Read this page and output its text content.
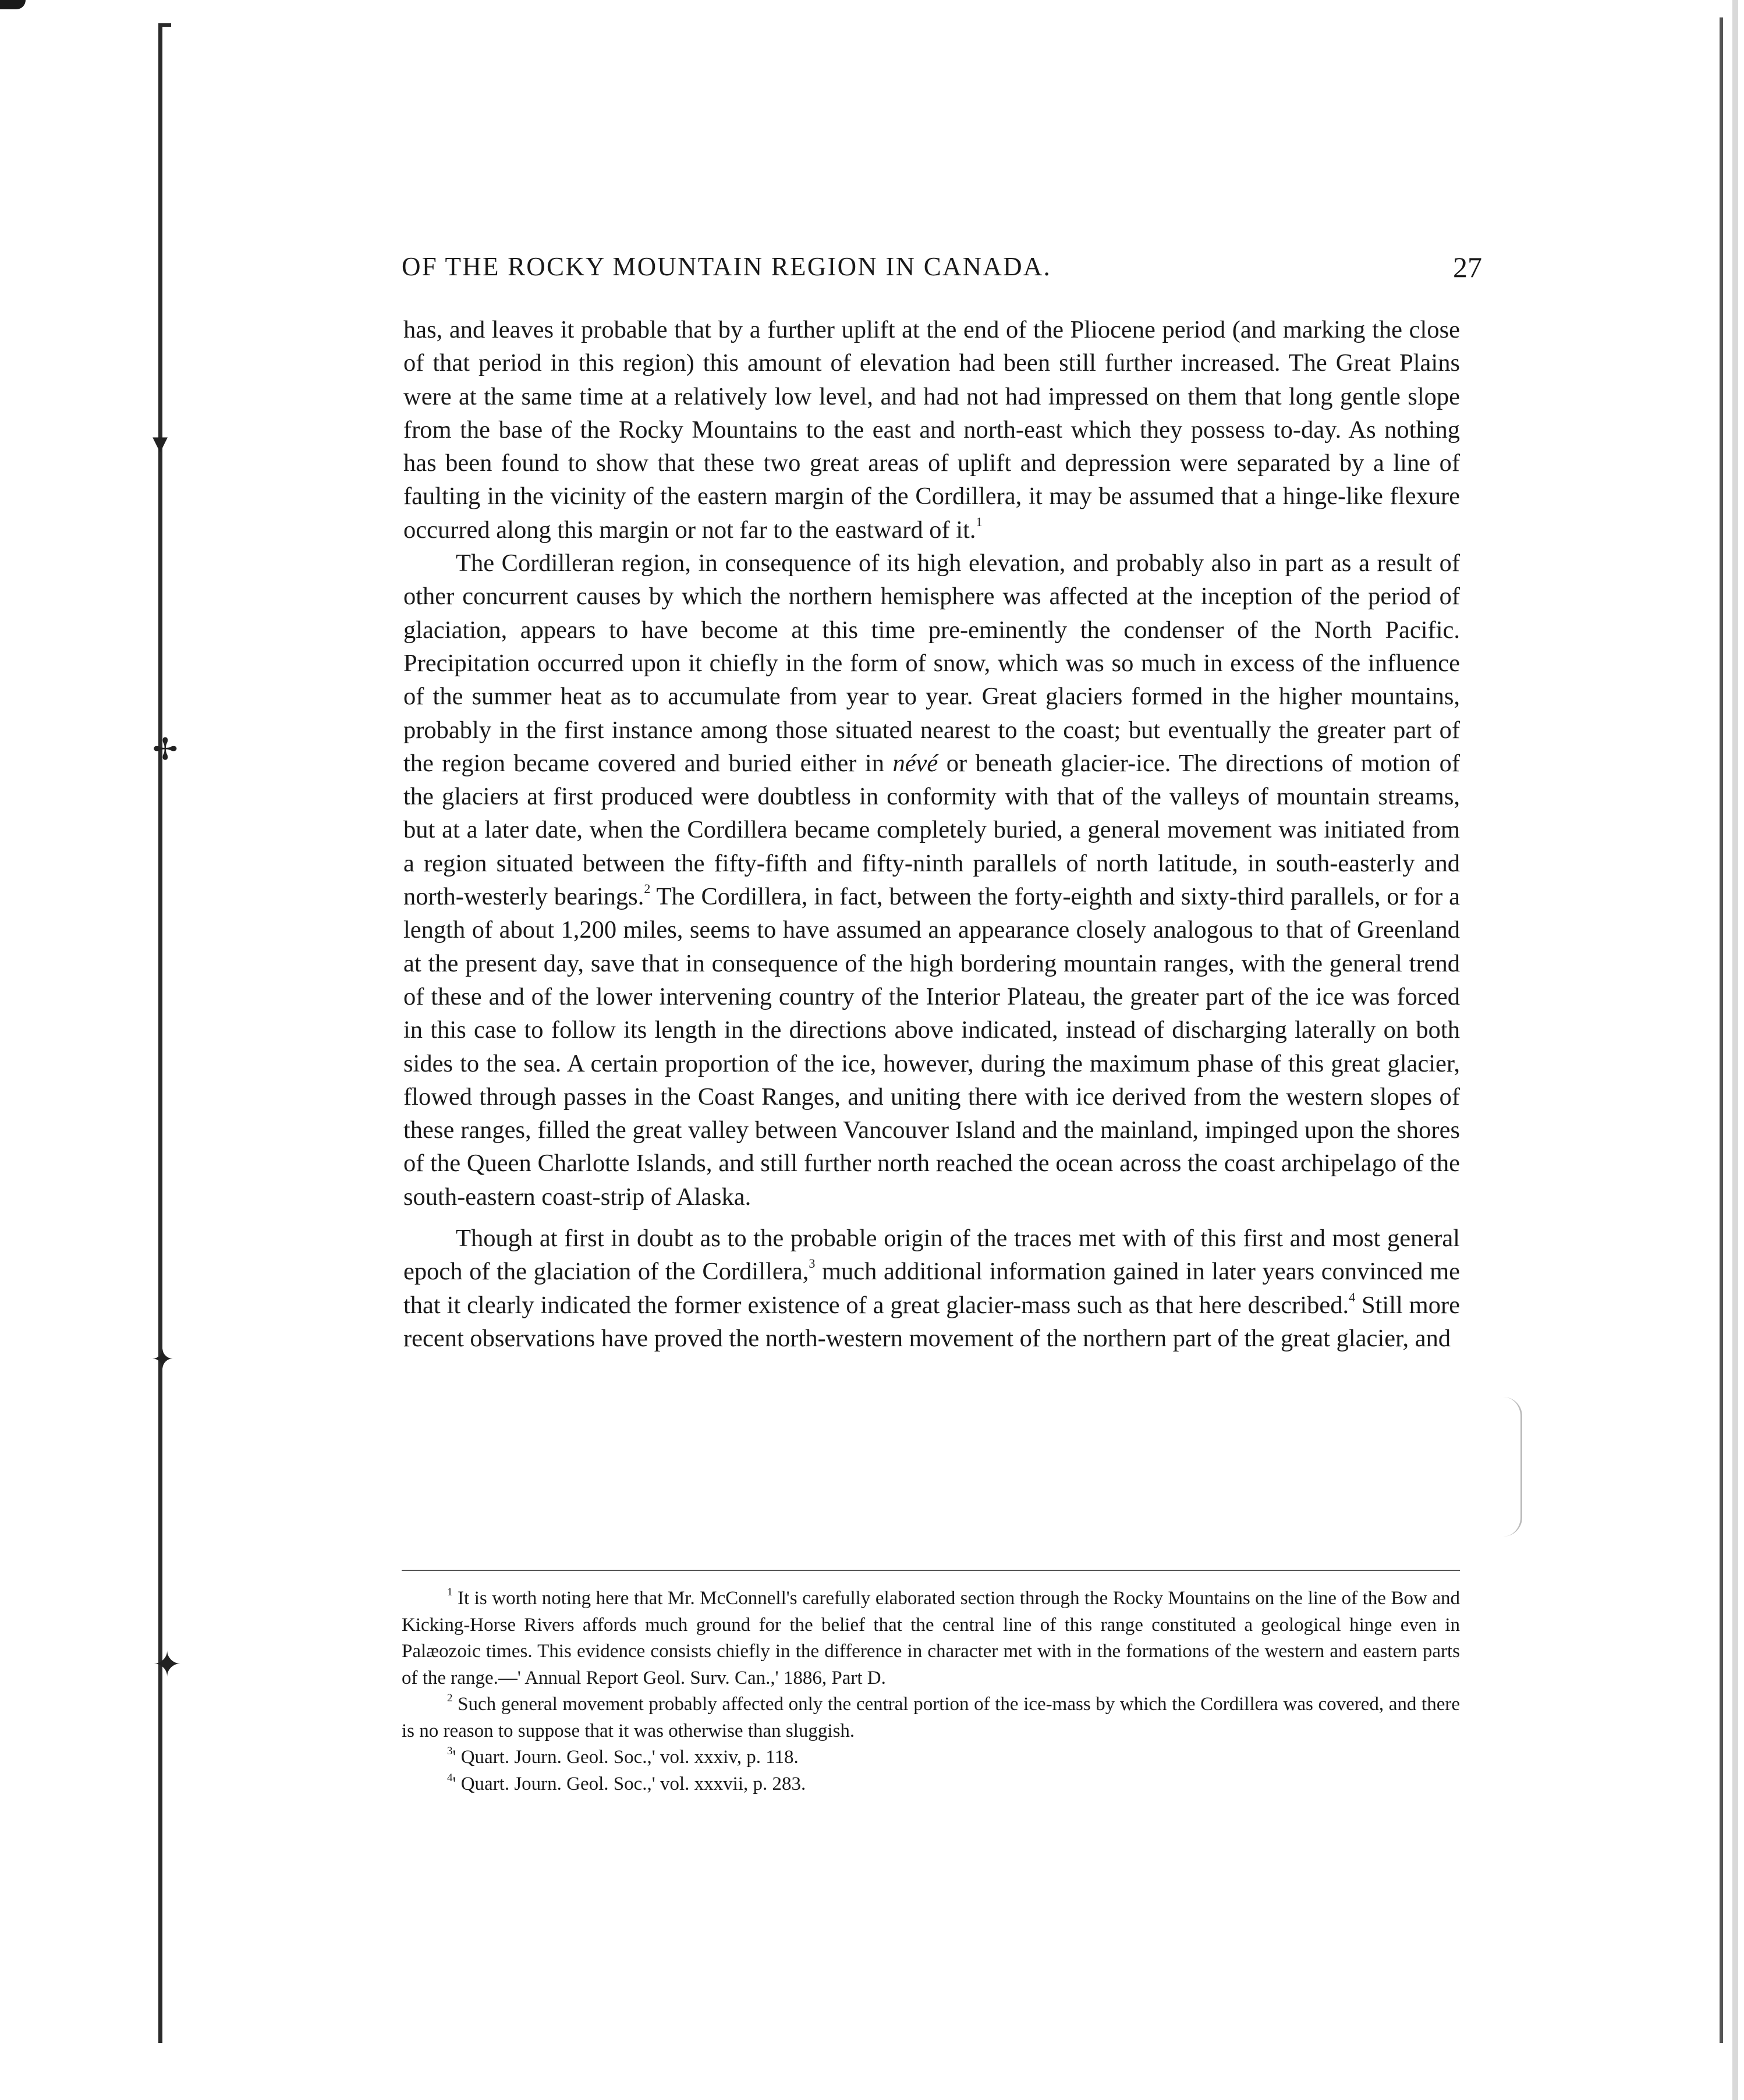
▾
✢
✦
✦
OF THE ROCKY MOUNTAIN REGION IN CANADA.	27

has, and leaves it probable that by a further uplift at the end of the Pliocene period (and marking the close of that period in this region) this amount of elevation had been still further increased. The Great Plains were at the same time at a relatively low level, and had not had impressed on them that long gentle slope from the base of the Rocky Mountains to the east and north-east which they possess to-day. As nothing has been found to show that these two great areas of uplift and depression were separated by a line of faulting in the vicinity of the eastern margin of the Cordillera, it may be assumed that a hinge-like flexure occurred along this margin or not far to the eastward of it.$^1$

The Cordilleran region, in consequence of its high elevation, and probably also in part as a result of other concurrent causes by which the northern hemisphere was affected at the inception of the period of glaciation, appears to have become at this time pre-eminently the condenser of the North Pacific. Precipitation occurred upon it chiefly in the form of snow, which was so much in excess of the influence of the summer heat as to accumulate from year to year. Great glaciers formed in the higher mountains, probably in the first instance among those situated nearest to the coast; but eventually the greater part of the region became covered and buried either in névé or beneath glacier-ice. The directions of motion of the glaciers at first produced were doubtless in conformity with that of the valleys of mountain streams, but at a later date, when the Cordillera became completely buried, a general movement was initiated from a region situated between the fifty-fifth and fifty-ninth parallels of north latitude, in south-easterly and north-westerly bearings.$^2$ The Cordillera, in fact, between the forty-eighth and sixty-third parallels, or for a length of about 1,200 miles, seems to have assumed an appearance closely analogous to that of Greenland at the present day, save that in consequence of the high bordering mountain ranges, with the general trend of these and of the lower intervening country of the Interior Plateau, the greater part of the ice was forced in this case to follow its length in the directions above indicated, instead of discharging laterally on both sides to the sea. A certain proportion of the ice, however, during the maximum phase of this great glacier, flowed through passes in the Coast Ranges, and uniting there with ice derived from the western slopes of these ranges, filled the great valley between Vancouver Island and the mainland, impinged upon the shores of the Queen Charlotte Islands, and still further north reached the ocean across the coast archipelago of the south-eastern coast-strip of Alaska.

Though at first in doubt as to the probable origin of the traces met with of this first and most general epoch of the glaciation of the Cordillera,$^3$ much additional information gained in later years convinced me that it clearly indicated the former existence of a great glacier-mass such as that here described.$^4$ Still more recent observations have proved the north-western movement of the northern part of the great glacier, and

$^1$ It is worth noting here that Mr. McConnell's carefully elaborated section through the Rocky Mountains on the line of the Bow and Kicking-Horse Rivers affords much ground for the belief that the central line of this range constituted a geological hinge even in Palæozoic times. This evidence consists chiefly in the difference in character met with in the formations of the western and eastern parts of the range.—' Annual Report Geol. Surv. Can.,' 1886, Part D.

$^2$ Such general movement probably affected only the central portion of the ice-mass by which the Cordillera was covered, and there is no reason to suppose that it was otherwise than sluggish.

$^3$' Quart. Journ. Geol. Soc.,' vol. xxxiv, p. 118.

$^4$' Quart. Journ. Geol. Soc.,' vol. xxxvii, p. 283.
